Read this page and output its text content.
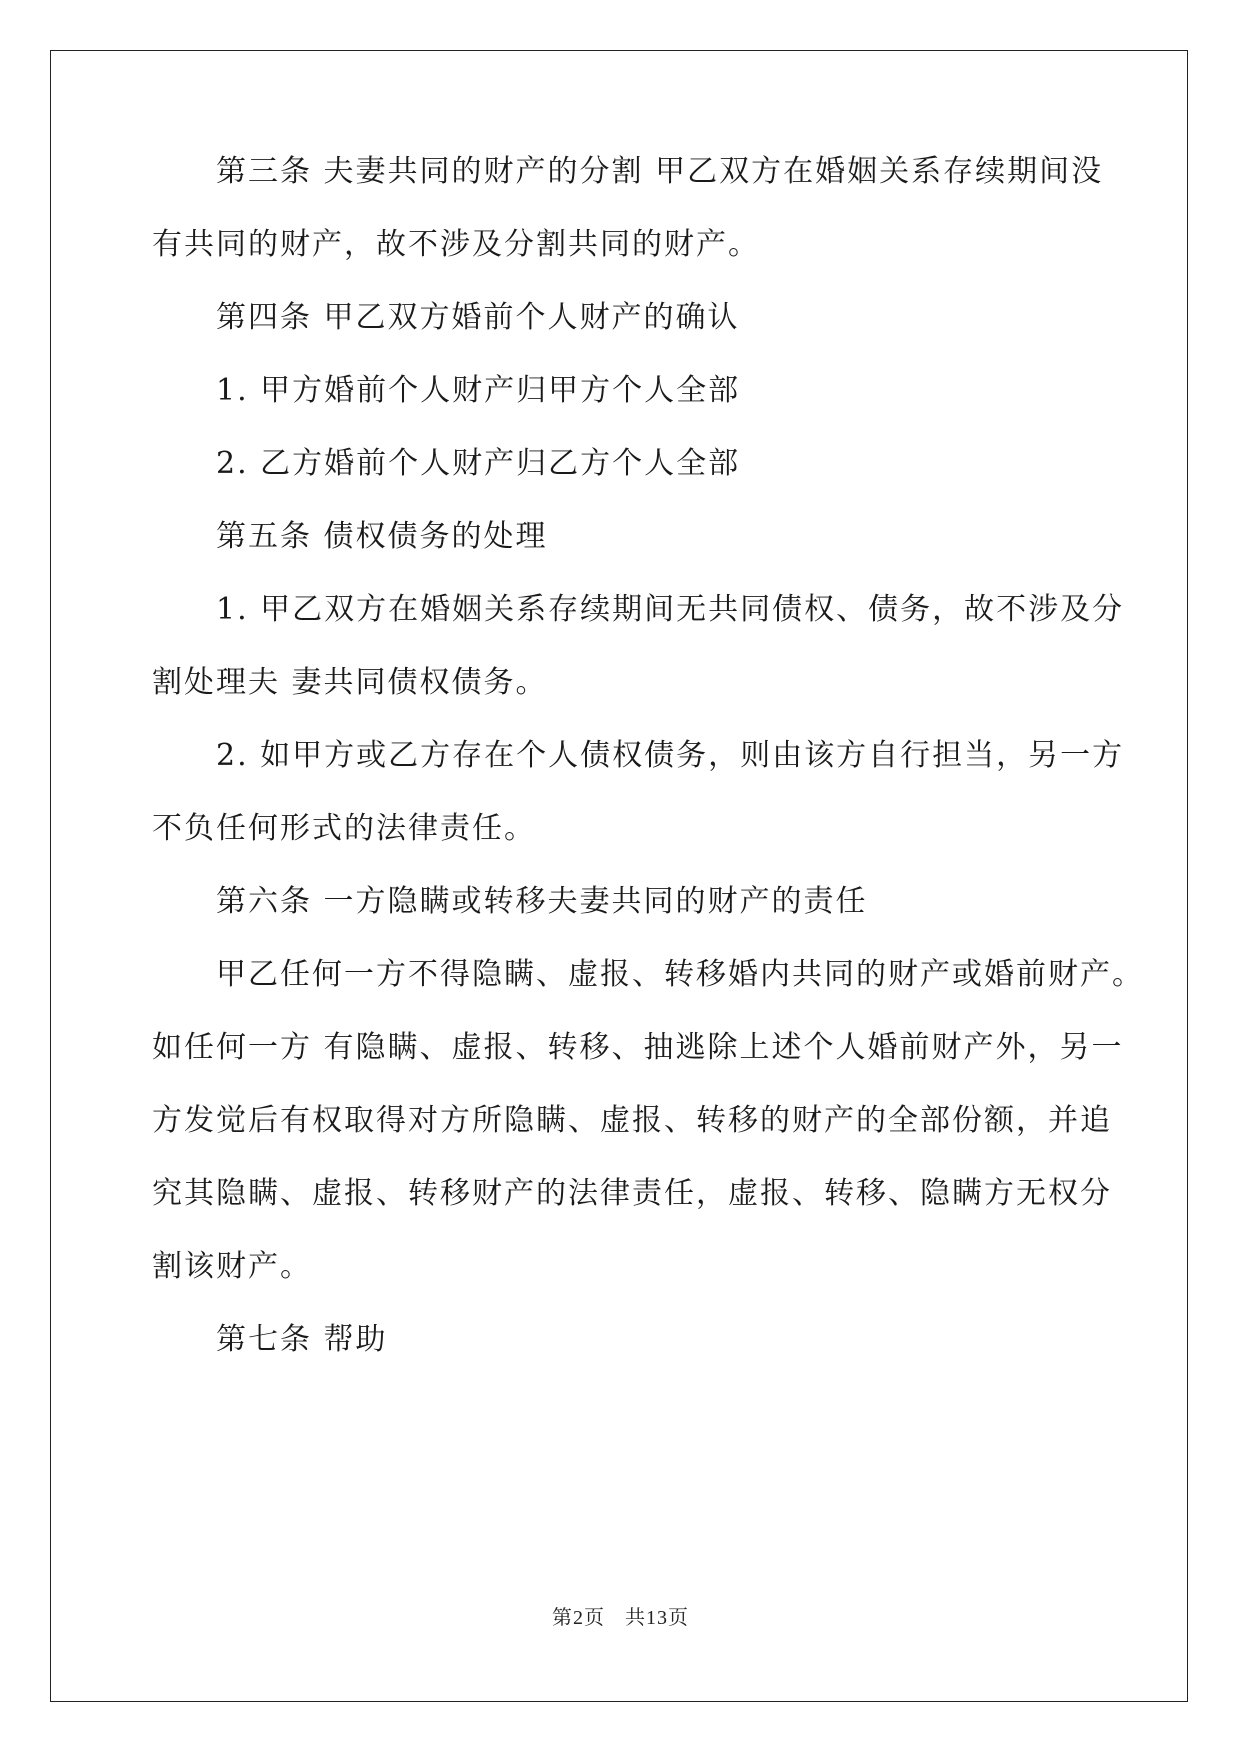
　　第三条 夫妻共同的财产的分割 甲乙双方在婚姻关系存续期间没
有共同的财产，故不涉及分割共同的财产。
　　第四条 甲乙双方婚前个人财产的确认
　　1. 甲方婚前个人财产归甲方个人全部
　　2. 乙方婚前个人财产归乙方个人全部
　　第五条 债权债务的处理
　　1. 甲乙双方在婚姻关系存续期间无共同债权、债务，故不涉及分
割处理夫 妻共同债权债务。
　　2. 如甲方或乙方存在个人债权债务，则由该方自行担当，另一方
不负任何形式的法律责任。
　　第六条 一方隐瞒或转移夫妻共同的财产的责任
　　甲乙任何一方不得隐瞒、虚报、转移婚内共同的财产或婚前财产。
如任何一方 有隐瞒、虚报、转移、抽逃除上述个人婚前财产外，另一
方发觉后有权取得对方所隐瞒、虚报、转移的财产的全部份额，并追
究其隐瞒、虚报、转移财产的法律责任，虚报、转移、隐瞒方无权分
割该财产。
　　第七条 帮助
第2页 共13页
